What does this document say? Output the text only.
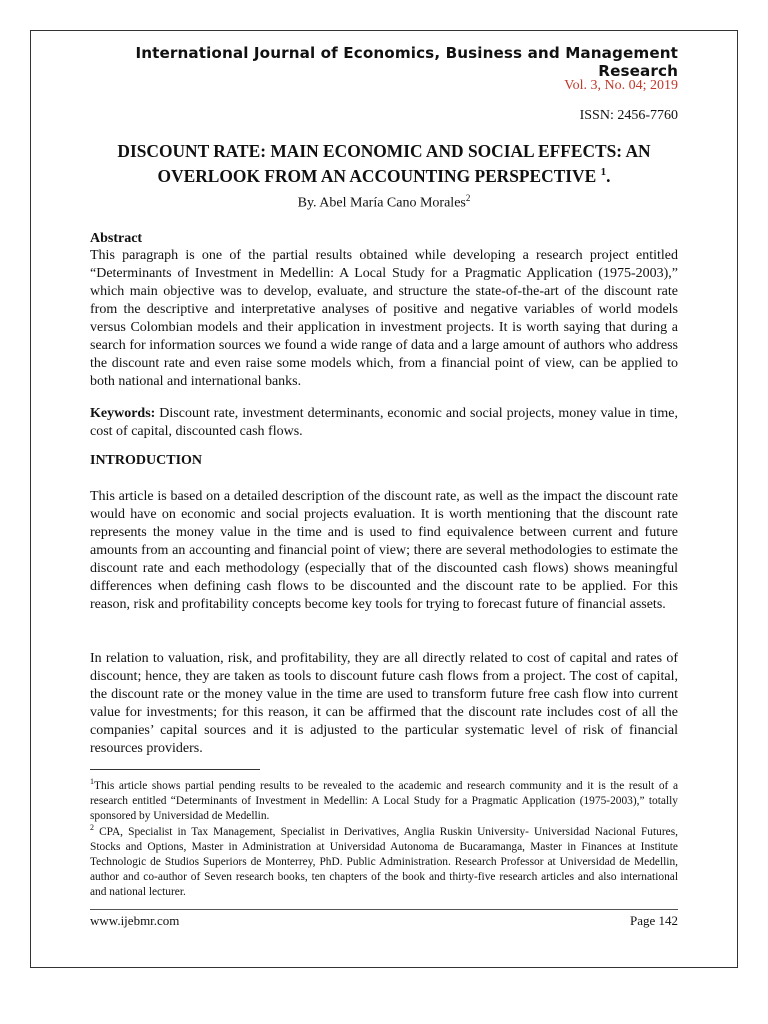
International Journal of Economics, Business and Management Research
Vol. 3, No. 04; 2019
ISSN: 2456-7760
DISCOUNT RATE: MAIN ECONOMIC AND SOCIAL EFFECTS: AN
OVERLOOK FROM AN ACCOUNTING PERSPECTIVE $^1$.
By. Abel María Cano Morales$^2$
Abstract
This paragraph is one of the partial results obtained while developing a research project entitled “Determinants of Investment in Medellin: A Local Study for a Pragmatic Application (1975-2003),” which main objective was to develop, evaluate, and structure the state-of-the-art of the discount rate from the descriptive and interpretative analyses of positive and negative variables of world models versus Colombian models and their application in investment projects. It is worth saying that during a search for information sources we found a wide range of data and a large amount of authors who address the discount rate and even raise some models which, from a financial point of view, can be applied to both national and international banks.
Keywords: Discount rate, investment determinants, economic and social projects, money value in time, cost of capital, discounted cash flows.
INTRODUCTION
This article is based on a detailed description of the discount rate, as well as the impact the discount rate would have on economic and social projects evaluation. It is worth mentioning that the discount rate represents the money value in the time and is used to find equivalence between current and future amounts from an accounting and financial point of view; there are several methodologies to estimate the discount rate and each methodology (especially that of the discounted cash flows) shows meaningful differences when defining cash flows to be discounted and the discount rate to be applied. For this reason, risk and profitability concepts become key tools for trying to forecast future of financial assets.
In relation to valuation, risk, and profitability, they are all directly related to cost of capital and rates of discount; hence, they are taken as tools to discount future cash flows from a project. The cost of capital, the discount rate or the money value in the time are used to transform future free cash flow into current value for investments; for this reason, it can be affirmed that the discount rate includes cost of all the companies’ capital sources and it is adjusted to the particular systematic level of risk of financial resources providers.
$^1$This article shows partial pending results to be revealed to the academic and research community and it is the result of a research entitled “Determinants of Investment in Medellin: A Local Study for a Pragmatic Application (1975-2003),” totally sponsored by Universidad de Medellin.
$^2$ CPA, Specialist in Tax Management, Specialist in Derivatives, Anglia Ruskin University- Universidad Nacional Futures, Stocks and Options, Master in Administration at Universidad Autonoma de Bucaramanga, Master in Finances at Institute Technologic de Studios Superiors de Monterrey, PhD. Public Administration. Research Professor at Universidad de Medellin, author and co-author of Seven research books, ten chapters of the book and thirty-five research articles and also international and national lecturer.
www.ijebmr.com	Page 142
